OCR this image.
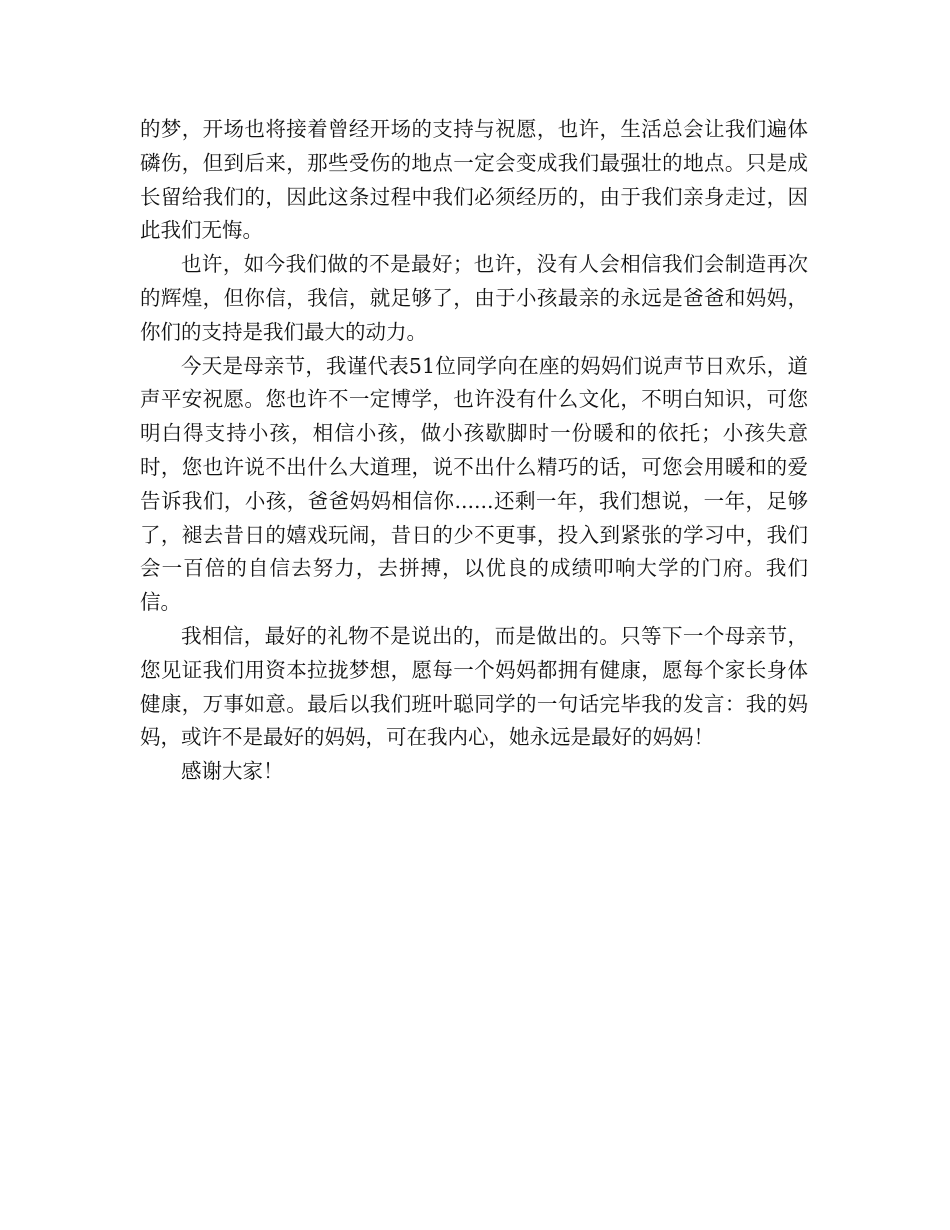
的梦，开场也将接着曾经开场的支持与祝愿，也许，生活总会让我们遍体磷伤，但到后来，那些受伤的地点一定会变成我们最强壮的地点。只是成长留给我们的，因此这条过程中我们必须经历的，由于我们亲身走过，因此我们无悔。

也许，如今我们做的不是最好；也许，没有人会相信我们会制造再次的辉煌，但你信，我信，就足够了，由于小孩最亲的永远是爸爸和妈妈，你们的支持是我们最大的动力。

今天是母亲节，我谨代表51位同学向在座的妈妈们说声节日欢乐，道声平安祝愿。您也许不一定博学，也许没有什么文化，不明白知识，可您明白得支持小孩，相信小孩，做小孩歇脚时一份暖和的依托；小孩失意时，您也许说不出什么大道理，说不出什么精巧的话，可您会用暖和的爱告诉我们，小孩，爸爸妈妈相信你......还剩一年，我们想说，一年，足够了，褪去昔日的嬉戏玩闹，昔日的少不更事，投入到紧张的学习中，我们会一百倍的自信去努力，去拼搏，以优良的成绩叩响大学的门府。我们信。

我相信，最好的礼物不是说出的，而是做出的。只等下一个母亲节，您见证我们用资本拉拢梦想，愿每一个妈妈都拥有健康，愿每个家长身体健康，万事如意。最后以我们班叶聪同学的一句话完毕我的发言：我的妈妈，或许不是最好的妈妈，可在我内心，她永远是最好的妈妈！

感谢大家！
